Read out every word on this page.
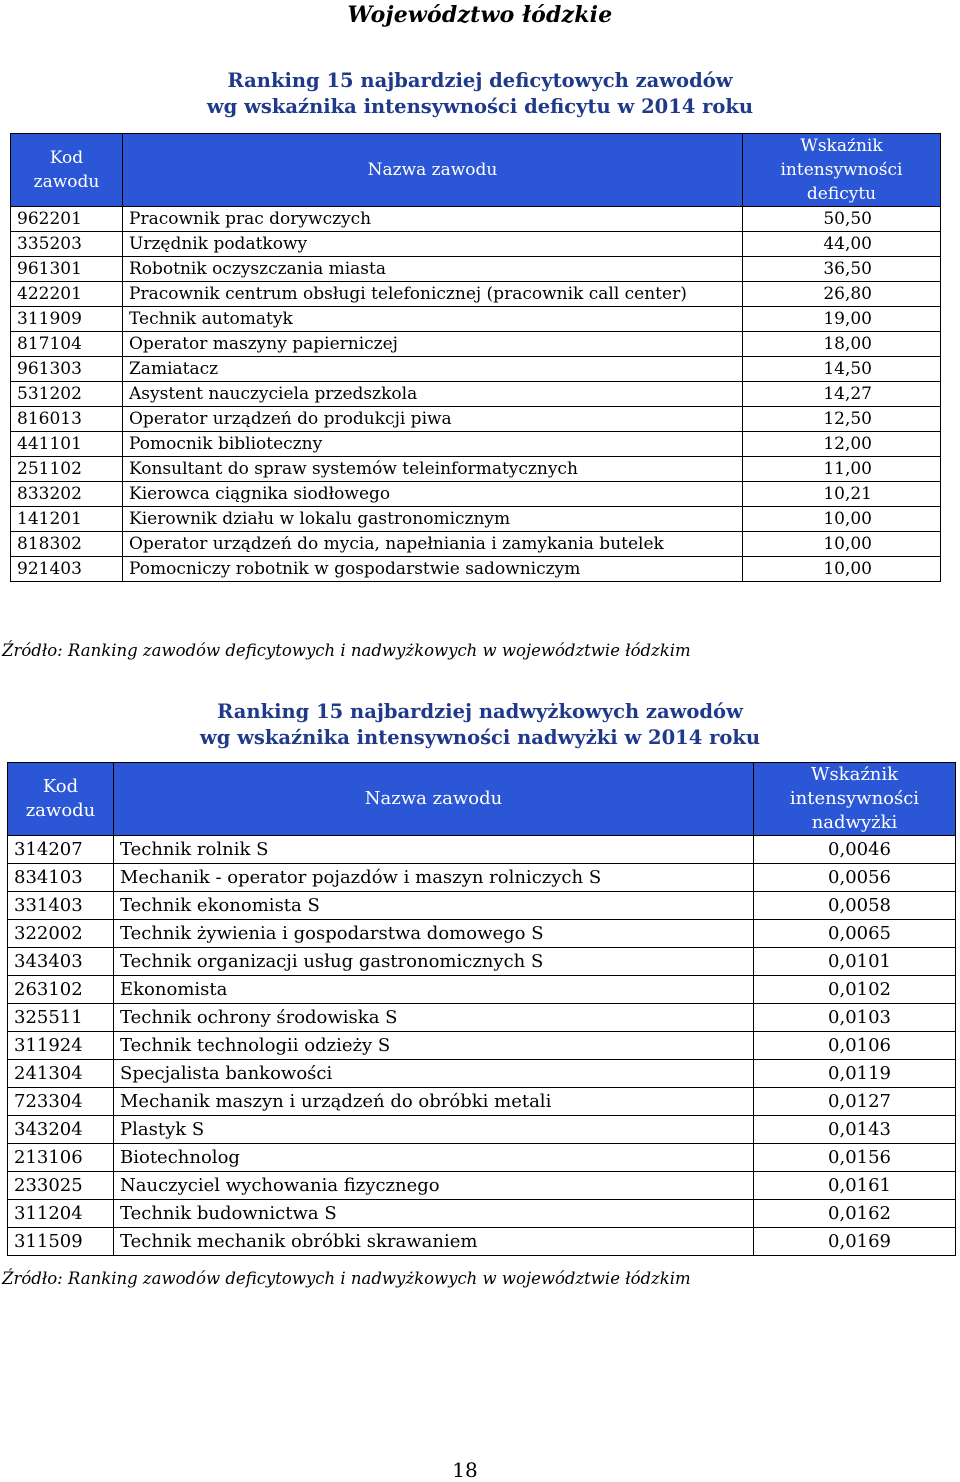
Województwo łódzkie
Ranking 15 najbardziej deficytowych zawodów
wg wskaźnika intensywności deficytu w 2014 roku
Kod zawodu	Nazwa zawodu	Wskaźnik intensywności deficytu
962201	Pracownik prac dorywczych	50,50
335203	Urzędnik podatkowy	44,00
961301	Robotnik oczyszczania miasta	36,50
422201	Pracownik centrum obsługi telefonicznej (pracownik call center)	26,80
311909	Technik automatyk	19,00
817104	Operator maszyny papierniczej	18,00
961303	Zamiatacz	14,50
531202	Asystent nauczyciela przedszkola	14,27
816013	Operator urządzeń do produkcji piwa	12,50
441101	Pomocnik biblioteczny	12,00
251102	Konsultant do spraw systemów teleinformatycznych	11,00
833202	Kierowca ciągnika siodłowego	10,21
141201	Kierownik działu w lokalu gastronomicznym	10,00
818302	Operator urządzeń do mycia, napełniania i zamykania butelek	10,00
921403	Pomocniczy robotnik w gospodarstwie sadowniczym	10,00
Źródło: Ranking zawodów deficytowych i nadwyżkowych w województwie łódzkim
Ranking 15 najbardziej nadwyżkowych zawodów
wg wskaźnika intensywności nadwyżki w 2014 roku
Kod zawodu	Nazwa zawodu	Wskaźnik intensywności nadwyżki
314207	Technik rolnik S	0,0046
834103	Mechanik - operator pojazdów i maszyn rolniczych S	0,0056
331403	Technik ekonomista S	0,0058
322002	Technik żywienia i gospodarstwa domowego S	0,0065
343403	Technik organizacji usług gastronomicznych S	0,0101
263102	Ekonomista	0,0102
325511	Technik ochrony środowiska S	0,0103
311924	Technik technologii odzieży S	0,0106
241304	Specjalista bankowości	0,0119
723304	Mechanik maszyn i urządzeń do obróbki metali	0,0127
343204	Plastyk S	0,0143
213106	Biotechnolog	0,0156
233025	Nauczyciel wychowania fizycznego	0,0161
311204	Technik budownictwa S	0,0162
311509	Technik mechanik obróbki skrawaniem	0,0169
Źródło: Ranking zawodów deficytowych i nadwyżkowych w województwie łódzkim
18
